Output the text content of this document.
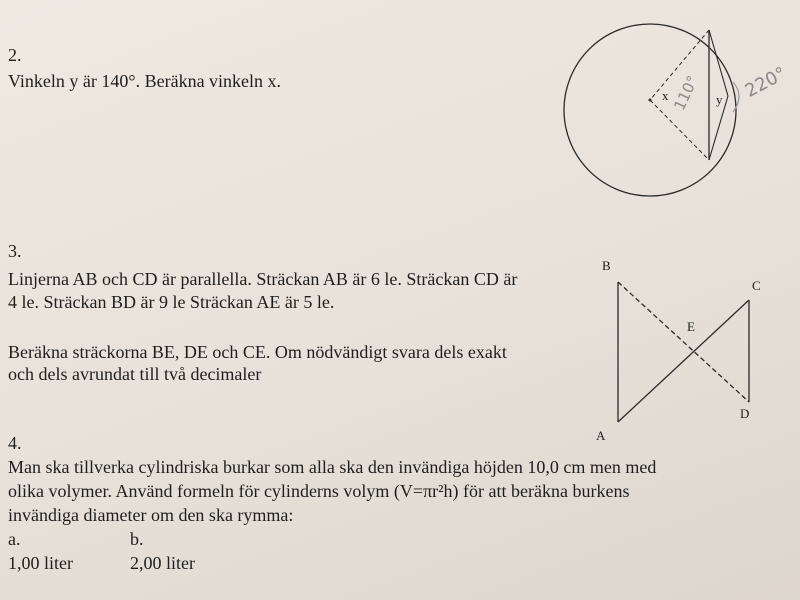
2.
Vinkeln y är 140°. Beräkna vinkeln x.
x	y
110° 220°
3.
Linjerna AB och CD är parallella. Sträckan AB är 6 le. Sträckan CD är
4 le. Sträckan BD är 9 le Sträckan AE är 5 le.
Beräkna sträckorna BE, DE och CE. Om nödvändigt svara dels exakt
och dels avrundat till två decimaler
B
C
E
D
A
4.
Man ska tillverka cylindriska burkar som alla ska den invändiga höjden 10,0 cm men med
olika volymer. Använd formeln för cylinderns volym (V=πr²h) för att beräkna burkens
invändiga diameter om den ska rymma:
a.
1,00 liter
b.
2,00 liter
